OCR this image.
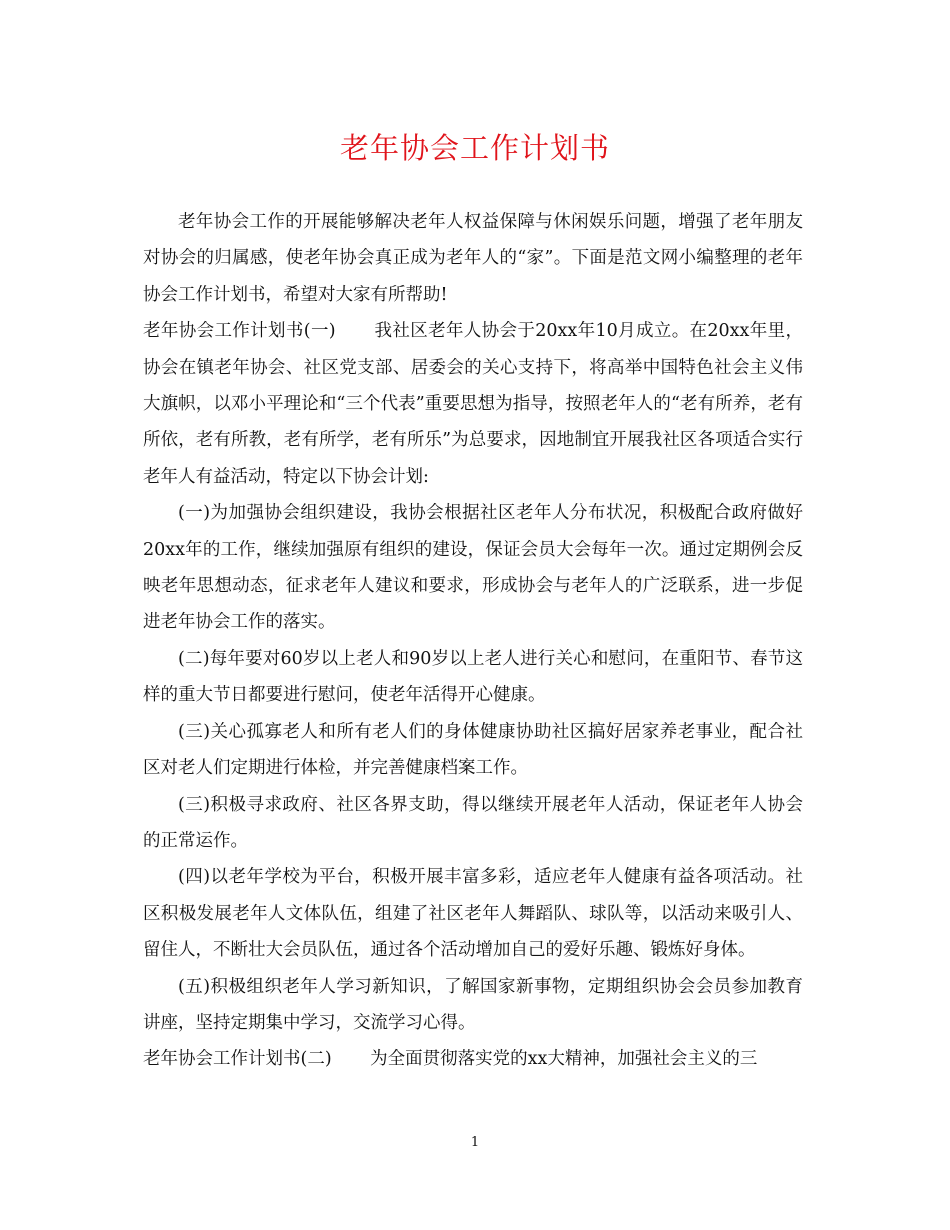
老年协会工作计划书

老年协会工作的开展能够解决老年人权益保障与休闲娱乐问题，增强了老年朋友对协会的归属感，使老年协会真正成为老年人的“家”。下面是范文网小编整理的老年协会工作计划书，希望对大家有所帮助!

老年协会工作计划书(一) 我社区老年人协会于20xx年10月成立。在20xx年里，协会在镇老年协会、社区党支部、居委会的关心支持下，将高举中国特色社会主义伟大旗帜，以邓小平理论和“三个代表”重要思想为指导，按照老年人的“老有所养，老有所依，老有所教，老有所学，老有所乐”为总要求，因地制宜开展我社区各项适合实行老年人有益活动，特定以下协会计划:

(一)为加强协会组织建设，我协会根据社区老年人分布状况，积极配合政府做好20xx年的工作，继续加强原有组织的建设，保证会员大会每年一次。通过定期例会反映老年思想动态，征求老年人建议和要求，形成协会与老年人的广泛联系，进一步促进老年协会工作的落实。

(二)每年要对60岁以上老人和90岁以上老人进行关心和慰问，在重阳节、春节这样的重大节日都要进行慰问，使老年活得开心健康。

(三)关心孤寡老人和所有老人们的身体健康协助社区搞好居家养老事业，配合社区对老人们定期进行体检，并完善健康档案工作。

(三)积极寻求政府、社区各界支助，得以继续开展老年人活动，保证老年人协会的正常运作。

(四)以老年学校为平台，积极开展丰富多彩，适应老年人健康有益各项活动。社区积极发展老年人文体队伍，组建了社区老年人舞蹈队、球队等，以活动来吸引人、留住人，不断壮大会员队伍，通过各个活动增加自己的爱好乐趣、锻炼好身体。

(五)积极组织老年人学习新知识，了解国家新事物，定期组织协会会员参加教育讲座，坚持定期集中学习，交流学习心得。

老年协会工作计划书(二) 为全面贯彻落实党的xx大精神，加强社会主义的三

1
